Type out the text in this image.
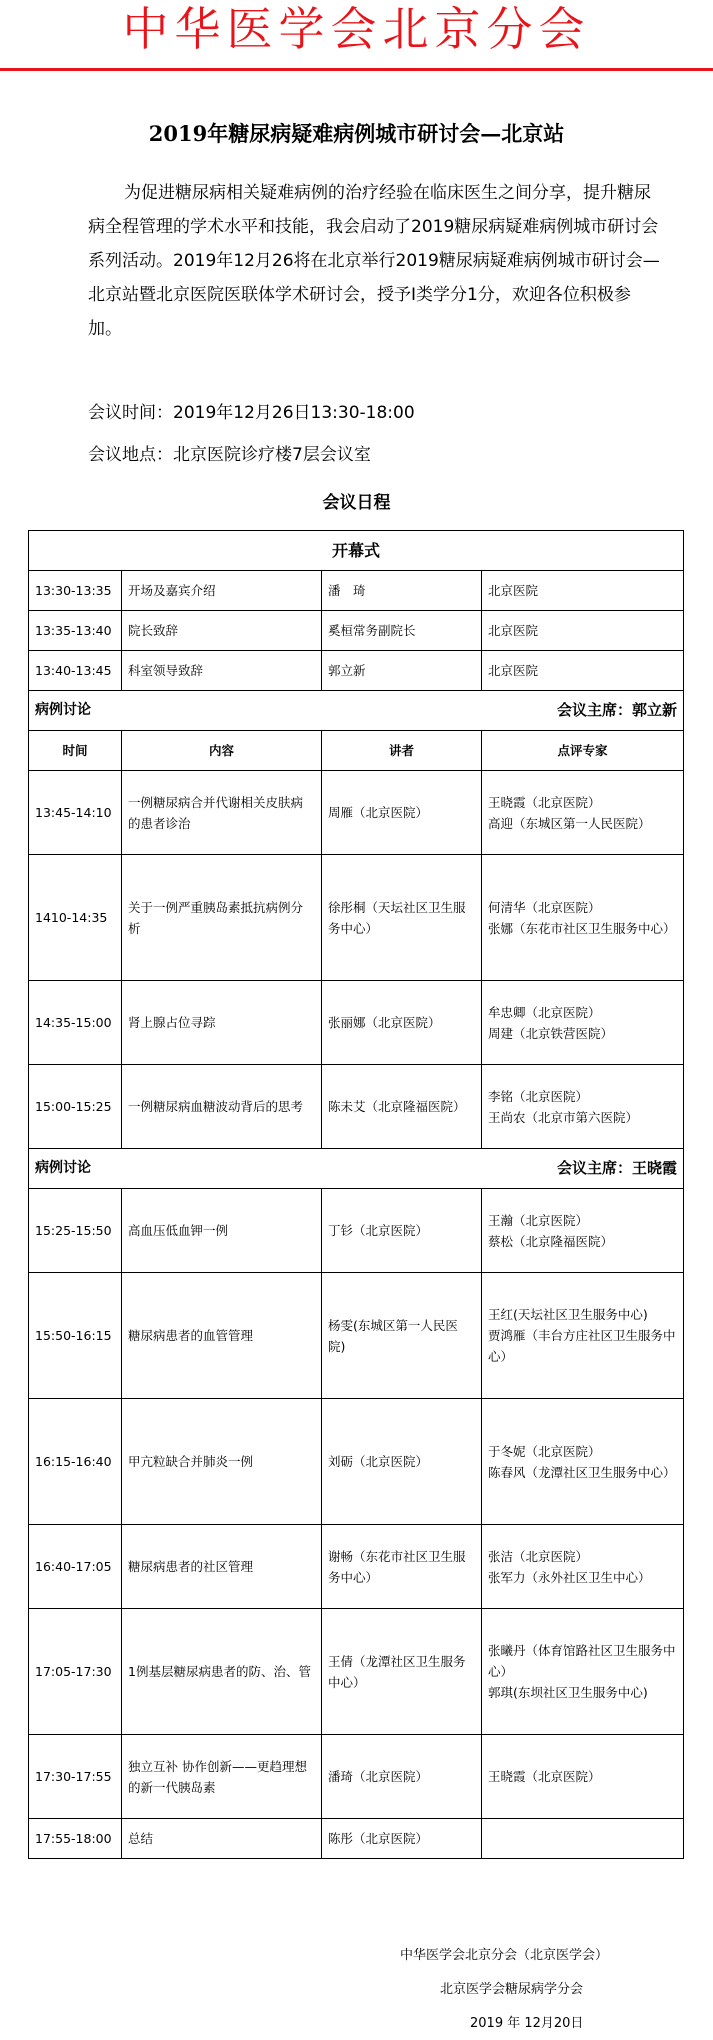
中华医学会北京分会
2019年糖尿病疑难病例城市研讨会—北京站
为促进糖尿病相关疑难病例的治疗经验在临床医生之间分享，提升糖尿病全程管理的学术水平和技能，我会启动了2019糖尿病疑难病例城市研讨会系列活动。2019年12月26将在北京举行2019糖尿病疑难病例城市研讨会—北京站暨北京医院医联体学术研讨会，授予Ⅰ类学分1分，欢迎各位积极参加。
会议时间：2019年12月26日13:30-18:00
会议地点：北京医院诊疗楼7层会议室
会议日程
开幕式			
13:30-13:35	开场及嘉宾介绍	潘　琦	北京医院
13:35-13:40	院长致辞	奚桓常务副院长	北京医院
13:40-13:45	科室领导致辞	郭立新	北京医院
病例讨论 会议主席：郭立新			

时间	内容	讲者	点评专家
13:45-14:10	一例糖尿病合并代谢相关皮肤病的患者诊治	周雁（北京医院）	王晓霞（北京医院）
高迎（东城区第一人民医院）

1410-14:35	关于一例严重胰岛素抵抗病例分析	徐彤桐（天坛社区卫生服务中心）	何清华（北京医院）
张娜（东花市社区卫生服务中心）

14:35-15:00	肾上腺占位寻踪	张丽娜（北京医院）	牟忠卿（北京医院）
周建（北京铁营医院）

15:00-15:25	一例糖尿病血糖波动背后的思考	陈未艾（北京隆福医院）	李铭（北京医院）
王尚农（北京市第六医院）

病例讨论 会议主席：王晓霞			

15:25-15:50	高血压低血钾一例	丁钐（北京医院）	王瀚（北京医院）
蔡松（北京隆福医院）

15:50-16:15	糖尿病患者的血管管理	杨雯(东城区第一人民医院)	王红(天坛社区卫生服务中心)
贾鸿雁（丰台方庄社区卫生服务中心）

16:15-16:40	甲亢粒缺合并肺炎一例	刘砺（北京医院）	于冬妮（北京医院）
陈春风（龙潭社区卫生服务中心）

16:40-17:05	糖尿病患者的社区管理	谢畅（东花市社区卫生服务中心）	张洁（北京医院）
张军力（永外社区卫生中心）

17:05-17:30	1例基层糖尿病患者的防、治、管	王倩（龙潭社区卫生服务中心）	张曦丹（体育馆路社区卫生服务中心）
郭琪(东坝社区卫生服务中心)

17:30-17:55	独立互补 协作创新——更趋理想的新一代胰岛素	潘琦（北京医院）	王晓霞（北京医院）

17:55-18:00	总结	陈彤（北京医院）	
中华医学会北京分会（北京医学会）
北京医学会糖尿病学分会
2019 年 12月20日
